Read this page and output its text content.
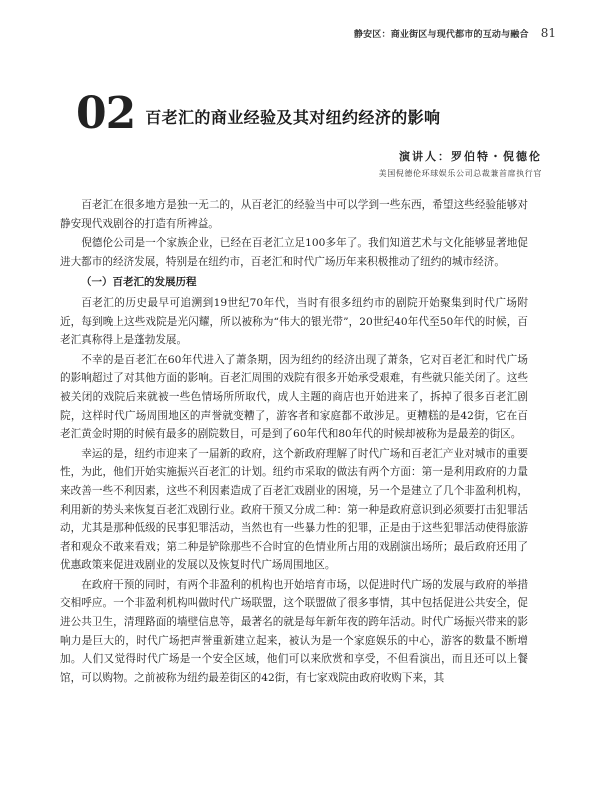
静安区：商业街区与现代都市的互动与融合 81
02 百老汇的商业经验及其对纽约经济的影响
演讲人：罗伯特・倪德伦
美国倪德伦环球娱乐公司总裁兼首席执行官

百老汇在很多地方是独一无二的，从百老汇的经验当中可以学到一些东西，希望这些经验能够对静安现代戏剧谷的打造有所裨益。

倪德伦公司是一个家族企业，已经在百老汇立足100多年了。我们知道艺术与文化能够显著地促进大都市的经济发展，特别是在纽约市，百老汇和时代广场历年来积极推动了纽约的城市经济。

（一）百老汇的发展历程

百老汇的历史最早可追溯到19世纪70年代，当时有很多纽约市的剧院开始聚集到时代广场附近，每到晚上这些戏院是光闪耀，所以被称为“伟大的银光带”，20世纪40年代至50年代的时候，百老汇真称得上是蓬勃发展。

不幸的是百老汇在60年代进入了萧条期，因为纽约的经济出现了萧条，它对百老汇和时代广场的影响超过了对其他方面的影响。百老汇周围的戏院有很多开始承受艰难，有些就只能关闭了。这些被关闭的戏院后来就被一些色情场所所取代，成人主题的商店也开始进来了，拆掉了很多百老汇剧院，这样时代广场周围地区的声誉就变糟了，游客者和家庭都不敢涉足。更糟糕的是42街，它在百老汇黄金时期的时候有最多的剧院数目，可是到了60年代和80年代的时候却被称为是最差的街区。

幸运的是，纽约市迎来了一届新的政府，这个新政府理解了时代广场和百老汇产业对城市的重要性，为此，他们开始实施振兴百老汇的计划。纽约市采取的做法有两个方面：第一是利用政府的力量来改善一些不利因素，这些不利因素造成了百老汇戏剧业的困境，另一个是建立了几个非盈利机构，利用新的势头来恢复百老汇戏剧行业。政府干预又分成二种：第一种是政府意识到必须要打击犯罪活动，尤其是那种低级的民事犯罪活动，当然也有一些暴力性的犯罪，正是由于这些犯罪活动使得旅游者和观众不敢来看戏；第二种是铲除那些不合时宜的色情业所占用的戏剧演出场所；最后政府还用了优惠政策来促进戏剧业的发展以及恢复时代广场周围地区。

在政府干预的同时，有两个非盈利的机构也开始培育市场，以促进时代广场的发展与政府的举措交相呼应。一个非盈利机构叫做时代广场联盟，这个联盟做了很多事情，其中包括促进公共安全，促进公共卫生，清理路面的墙壁信息等，最著名的就是每年新年夜的跨年活动。时代广场振兴带来的影响力是巨大的，时代广场把声誉重新建立起来，被认为是一个家庭娱乐的中心，游客的数量不断增加。人们又觉得时代广场是一个安全区域，他们可以来欣赏和享受，不但看演出，而且还可以上餐馆，可以购物。之前被称为纽约最差街区的42街，有七家戏院由政府收购下来，其
